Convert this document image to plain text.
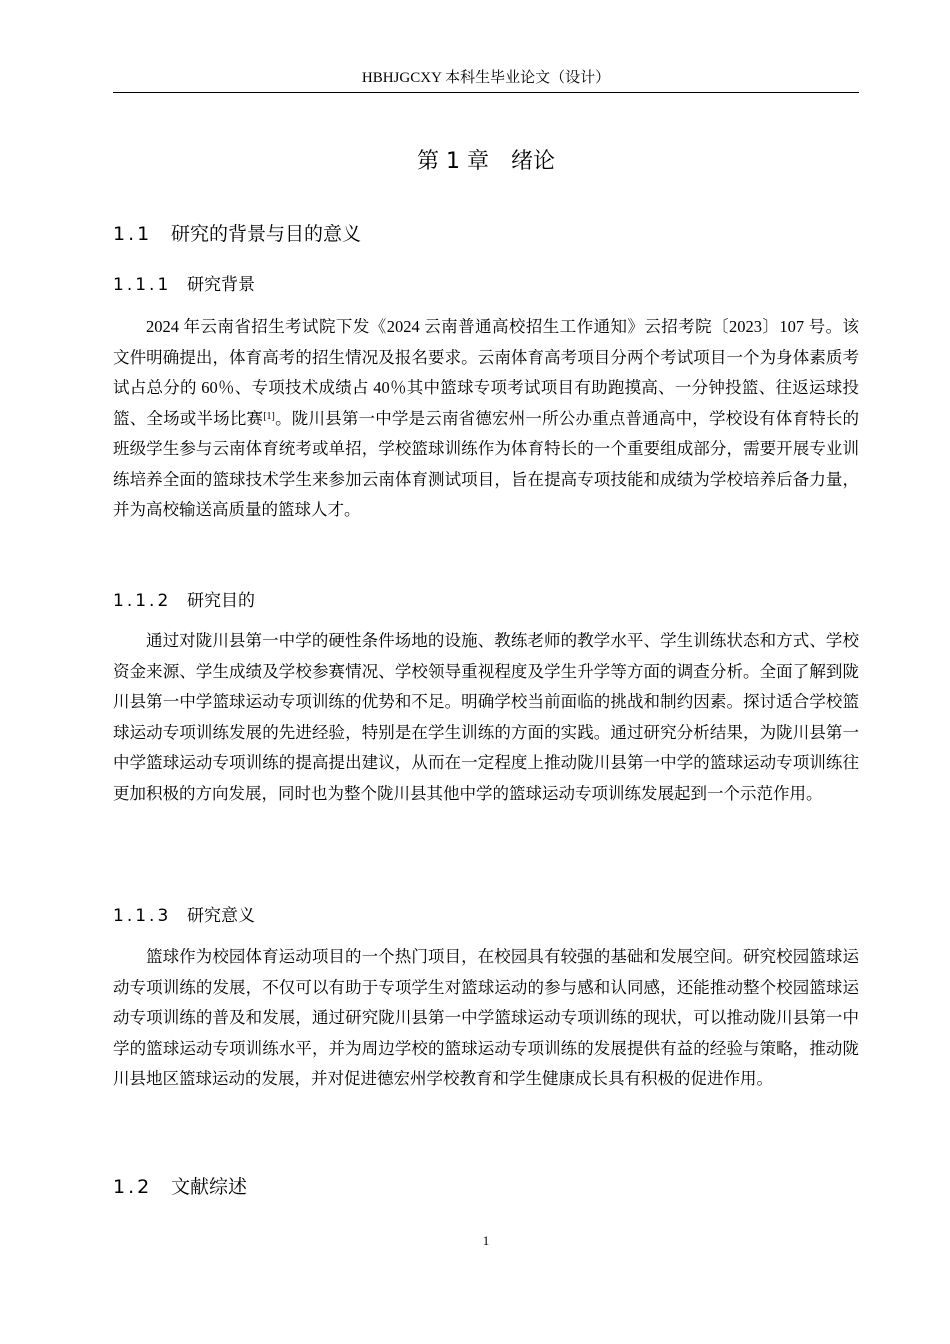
HBHJGCXY 本科生毕业论文（设计）
第 1 章 绪论
1.1 研究的背景与目的意义
1.1.1 研究背景

2024 年云南省招生考试院下发《2024 云南普通高校招生工作通知》云招考院〔2023〕107 号。该文件明确提出，体育高考的招生情况及报名要求。云南体育高考项目分两个考试项目一个为身体素质考试占总分的 60％、专项技术成绩占 40％其中篮球专项考试项目有助跑摸高、一分钟投篮、往返运球投篮、全场或半场比赛[1]。陇川县第一中学是云南省德宏州一所公办重点普通高中，学校设有体育特长的班级学生参与云南体育统考或单招，学校篮球训练作为体育特长的一个重要组成部分，需要开展专业训练培养全面的篮球技术学生来参加云南体育测试项目，旨在提高专项技能和成绩为学校培养后备力量，并为高校输送高质量的篮球人才。

1.1.2 研究目的

通过对陇川县第一中学的硬性条件场地的设施、教练老师的教学水平、学生训练状态和方式、学校资金来源、学生成绩及学校参赛情况、学校领导重视程度及学生升学等方面的调查分析。全面了解到陇川县第一中学篮球运动专项训练的优势和不足。明确学校当前面临的挑战和制约因素。探讨适合学校篮球运动专项训练发展的先进经验，特别是在学生训练的方面的实践。通过研究分析结果，为陇川县第一中学篮球运动专项训练的提高提出建议，从而在一定程度上推动陇川县第一中学的篮球运动专项训练往更加积极的方向发展，同时也为整个陇川县其他中学的篮球运动专项训练发展起到一个示范作用。

1.1.3 研究意义

篮球作为校园体育运动项目的一个热门项目，在校园具有较强的基础和发展空间。研究校园篮球运动专项训练的发展，不仅可以有助于专项学生对篮球运动的参与感和认同感，还能推动整个校园篮球运动专项训练的普及和发展，通过研究陇川县第一中学篮球运动专项训练的现状，可以推动陇川县第一中学的篮球运动专项训练水平，并为周边学校的篮球运动专项训练的发展提供有益的经验与策略，推动陇川县地区篮球运动的发展，并对促进德宏州学校教育和学生健康成长具有积极的促进作用。

1.2 文献综述
1
